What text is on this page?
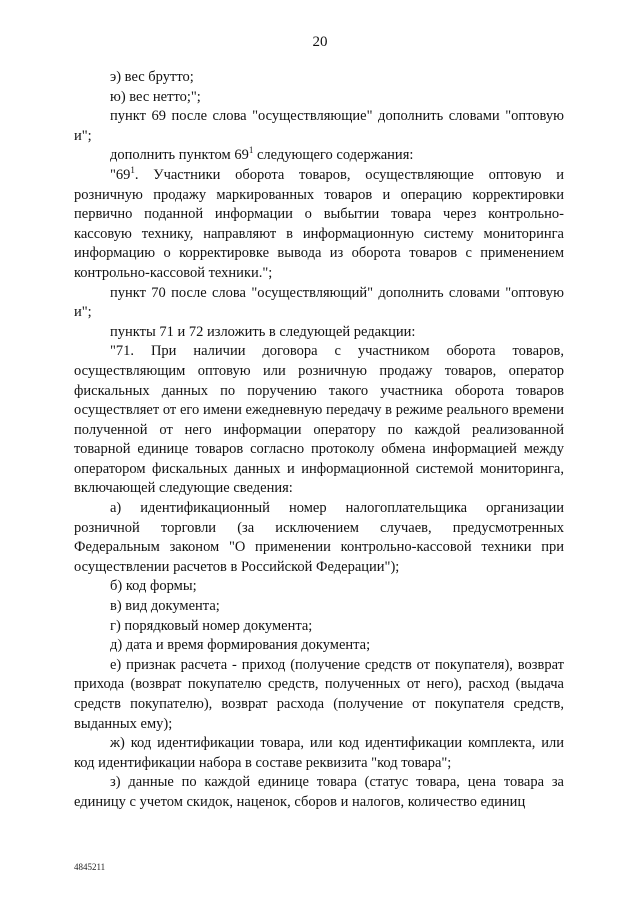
20

э) вес брутто;

ю) вес нетто;";

пункт 69 после слова "осуществляющие" дополнить словами "оптовую и";

дополнить пунктом $69^1$ следующего содержания:

"$69^1$. Участники оборота товаров, осуществляющие оптовую и розничную продажу маркированных товаров и операцию корректировки первично поданной информации о выбытии товара через контрольно-кассовую технику, направляют в информационную систему мониторинга информацию о корректировке вывода из оборота товаров с применением контрольно-кассовой техники.";

пункт 70 после слова "осуществляющий" дополнить словами "оптовую и";

пункты 71 и 72 изложить в следующей редакции:

"71. При наличии договора с участником оборота товаров, осуществляющим оптовую или розничную продажу товаров, оператор фискальных данных по поручению такого участника оборота товаров осуществляет от его имени ежедневную передачу в режиме реального времени полученной от него информации оператору по каждой реализованной товарной единице товаров согласно протоколу обмена информацией между оператором фискальных данных и информационной системой мониторинга, включающей следующие сведения:

а) идентификационный номер налогоплательщика организации розничной торговли (за исключением случаев, предусмотренных Федеральным законом "О применении контрольно-кассовой техники при осуществлении расчетов в Российской Федерации");

б) код формы;

в) вид документа;

г) порядковый номер документа;

д) дата и время формирования документа;

е) признак расчета - приход (получение средств от покупателя), возврат прихода (возврат покупателю средств, полученных от него), расход (выдача средств покупателю), возврат расхода (получение от покупателя средств, выданных ему);

ж) код идентификации товара, или код идентификации комплекта, или код идентификации набора в составе реквизита "код товара";

з) данные по каждой единице товара (статус товара, цена товара за единицу с учетом скидок, наценок, сборов и налогов, количество единиц

4845211
